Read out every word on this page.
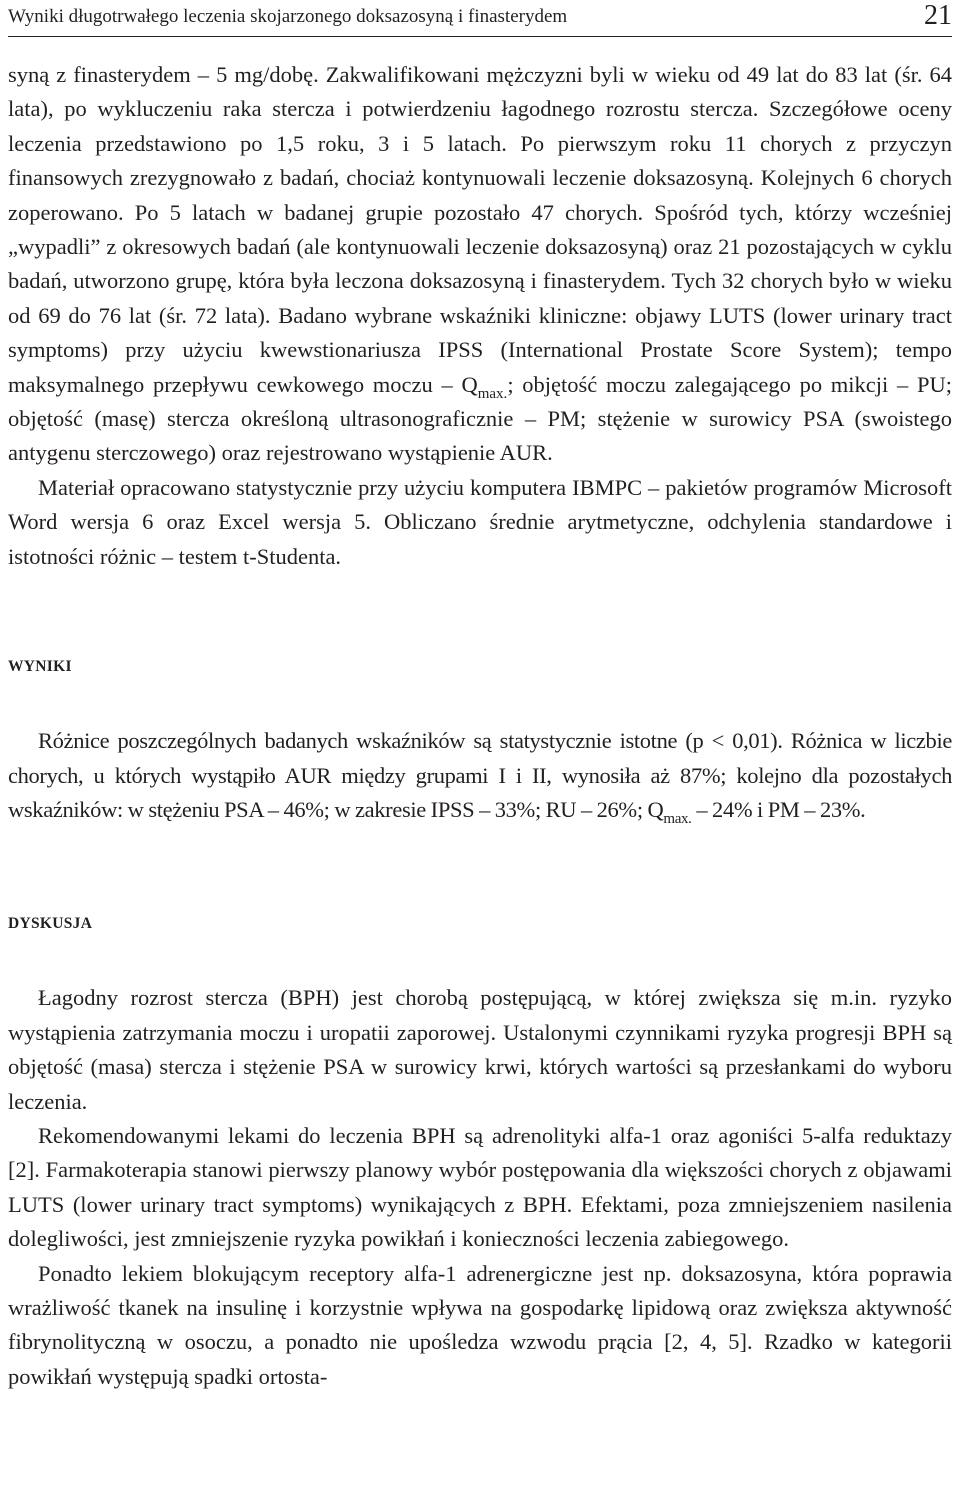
Wyniki długotrwałego leczenia skojarzonego doksazosyną i finasterydem	21

syną z finasterydem – 5 mg/dobę. Zakwalifikowani mężczyzni byli w wieku od 49 lat do 83 lat (śr. 64 lata), po wykluczeniu raka stercza i potwierdzeniu łagodnego rozrostu stercza. Szczegółowe oceny leczenia przedstawiono po 1,5 roku, 3 i 5 latach. Po pierwszym roku 11 chorych z przyczyn finansowych zrezygnowało z badań, chociaż kontynuowali leczenie doksazosyną. Kolejnych 6 chorych zoperowano. Po 5 latach w badanej grupie pozostało 47 chorych. Spośród tych, którzy wcześniej „wypadli” z okresowych badań (ale kontynuowali leczenie doksazosyną) oraz 21 pozostających w cyklu badań, utworzono grupę, która była leczona doksazosyną i finasterydem. Tych 32 chorych było w wieku od 69 do 76 lat (śr. 72 lata). Badano wybrane wskaźniki kliniczne: objawy LUTS (lower urinary tract symptoms) przy użyciu kwewstionariusza IPSS (International Prostate Score System); tempo maksymalnego przepływu cewkowego moczu – $Q_{max.}$; objętość moczu zalegającego po mikcji – PU; objętość (masę) stercza określoną ultrasonograficznie – PM; stężenie w surowicy PSA (swoistego antygenu sterczowego) oraz rejestrowano wystąpienie AUR.

Materiał opracowano statystycznie przy użyciu komputera IBMPC – pakietów programów Microsoft Word wersja 6 oraz Excel wersja 5. Obliczano średnie arytmetyczne, odchylenia standardowe i istotności różnic – testem t-Studenta.

WYNIKI

Różnice poszczególnych badanych wskaźników są statystycznie istotne (p < 0,01). Różnica w liczbie chorych, u których wystąpiło AUR między grupami I i II, wynosiła aż 87%; kolejno dla pozostałych wskaźników: w stężeniu PSA – 46%; w zakresie IPSS – 33%; RU – 26%; $Q_{max.} - 24\%$ i PM – 23%.

DYSKUSJA

Łagodny rozrost stercza (BPH) jest chorobą postępującą, w której zwiększa się m.in. ryzyko wystąpienia zatrzymania moczu i uropatii zaporowej. Ustalonymi czynnikami ryzyka progresji BPH są objętość (masa) stercza i stężenie PSA w surowicy krwi, których wartości są przesłankami do wyboru leczenia.

Rekomendowanymi lekami do leczenia BPH są adrenolityki alfa-1 oraz agoniści 5-alfa reduktazy [2]. Farmakoterapia stanowi pierwszy planowy wybór postępowania dla większości chorych z objawami LUTS (lower urinary tract symptoms) wynikających z BPH. Efektami, poza zmniejszeniem nasilenia dolegliwości, jest zmniejszenie ryzyka powikłań i konieczności leczenia zabiegowego.

Ponadto lekiem blokującym receptory alfa-1 adrenergiczne jest np. doksazosyna, która poprawia wrażliwość tkanek na insulinę i korzystnie wpływa na gospodarkę lipidową oraz zwiększa aktywność fibrynolityczną w osoczu, a ponadto nie upośledza wzwodu prącia [2, 4, 5]. Rzadko w kategorii powikłań występują spadki ortosta-
